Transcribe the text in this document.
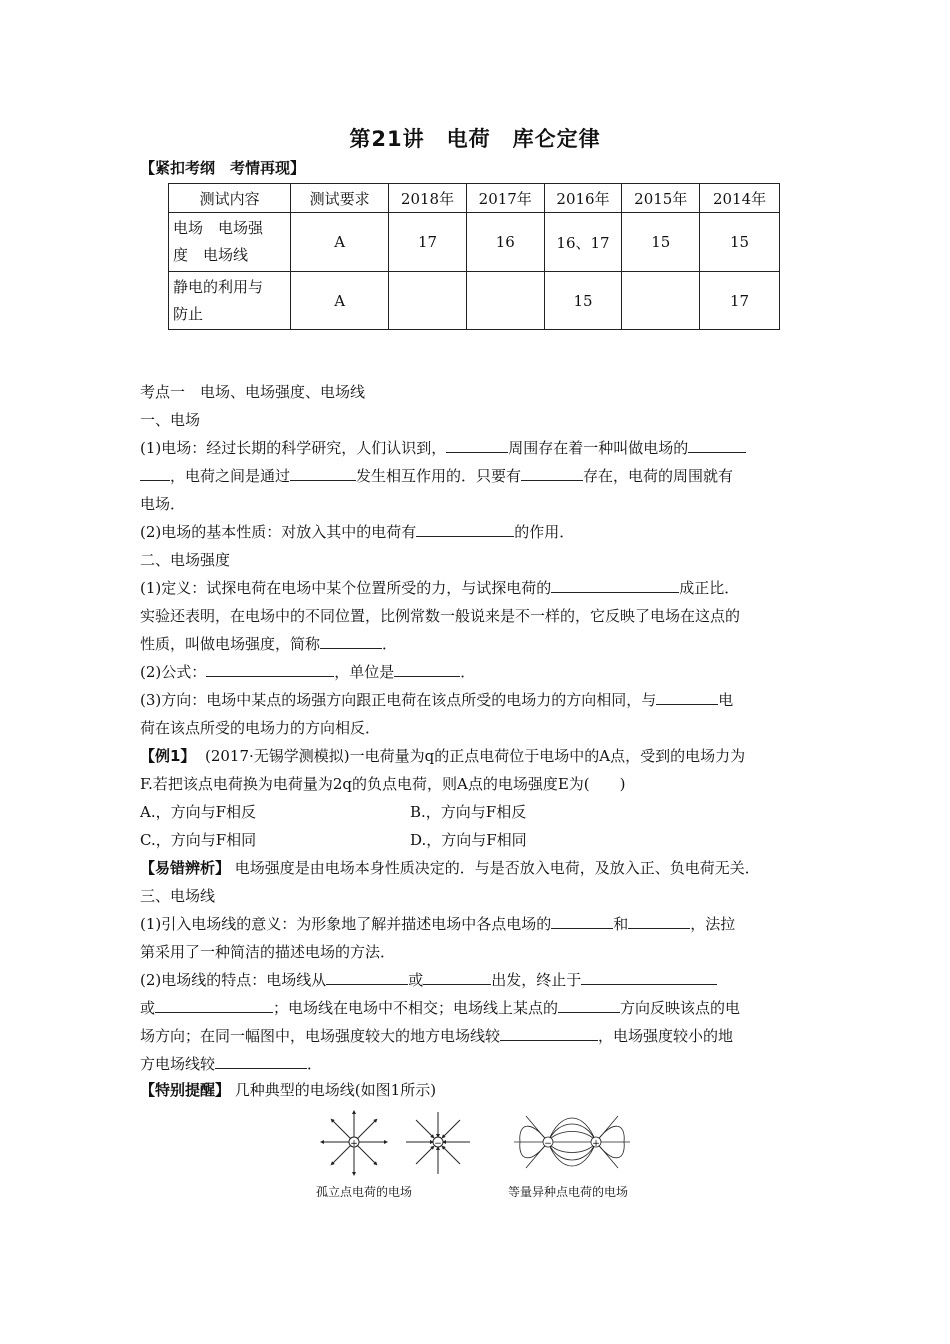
第21讲　电荷　库仑定律
【紧扣考纲　考情再现】
测试内容	测试要求	2018年	2017年	2016年	2015年	2014年
电场　电场强
度　电场线	A	17	16	16、17	15	15
静电的利用与
防止	A			15		17
考点一　电场、电场强度、电场线
一、电场
(1)电场：经过长期的科学研究，人们认识到，	周围存在着一种叫做电场的
，电荷之间是通过	发生相互作用的．只要有	存在，电荷的周围就有
电场．
(2)电场的基本性质：对放入其中的电荷有	的作用．
二、电场强度
(1)定义：试探电荷在电场中某个位置所受的力，与试探电荷的	成正比．
实验还表明，在电场中的不同位置，比例常数一般说来是不一样的，它反映了电场在这点的
性质，叫做电场强度，简称	．
(2)公式：	，单位是	．
(3)方向：电场中某点的场强方向跟正电荷在该点所受的电场力的方向相同，与	电
荷在该点所受的电场力的方向相反．
【例1】 (2017·无锡学测模拟)一电荷量为q的正点电荷位于电场中的A点，受到的电场力为
F.若把该点电荷换为电荷量为2q的负点电荷，则A点的电场强度E为(　　)
A.，方向与F相反	B.，方向与F相反
C.，方向与F相同	D.，方向与F相同
【易错辨析】 电场强度是由电场本身性质决定的．与是否放入电荷，及放入正、负电荷无关．
三、电场线
(1)引入电场线的意义：为形象地了解并描述电场中各点电场的	和	，法拉
第采用了一种简洁的描述电场的方法．
(2)电场线的特点：电场线从	或	出发，终止于
或	；电场线在电场中不相交；电场线上某点的	方向反映该点的电
场方向；在同一幅图中，电场强度较大的地方电场线较	，电场强度较小的地
方电场线较	．
【特别提醒】 几种典型的电场线(如图1所示)
+	−	−	+
孤立点电荷的电场	等量异种点电荷的电场
